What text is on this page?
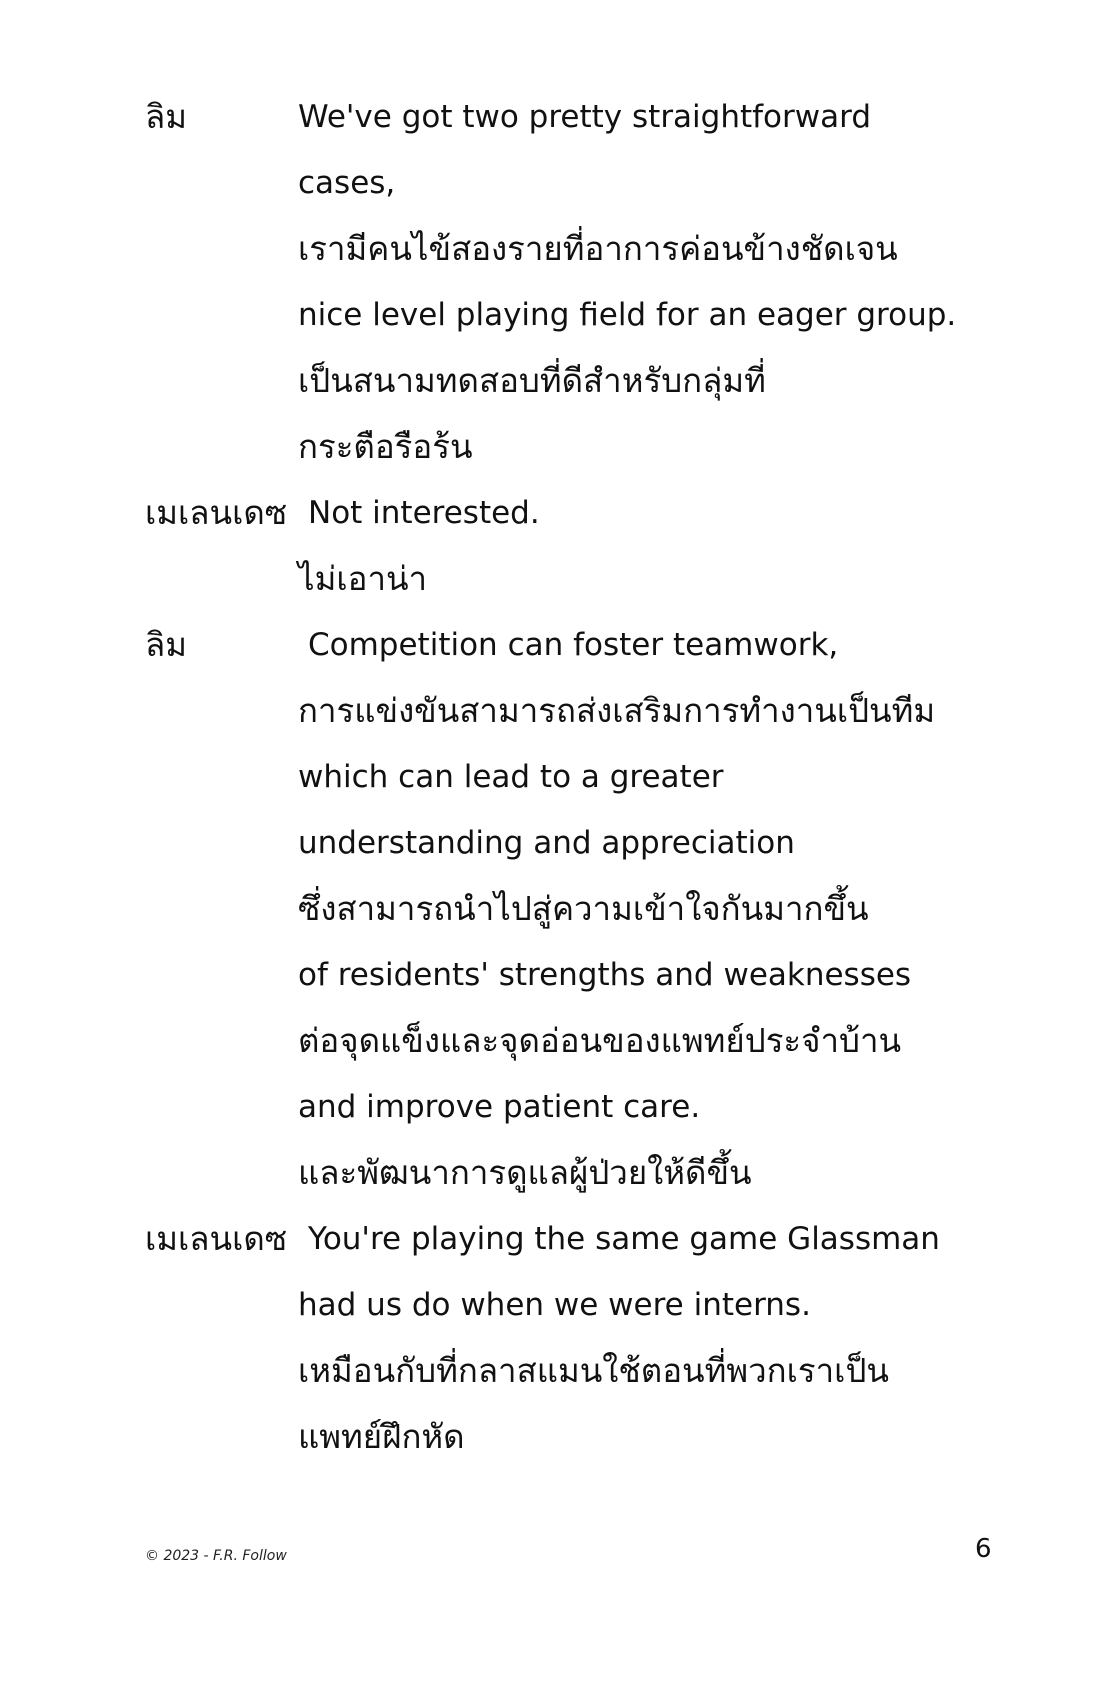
ลิม	We've got two pretty straightforward
cases,
เรามีคนไข้สองรายที่อาการค่อนข้างชัดเจน
nice level playing field for an eager group.
เป็นสนามทดสอบที่ดีสำหรับกลุ่มที่
กระตือรือร้น
เมเลนเดซ Not interested.
ไม่เอาน่า
ลิม	Competition can foster teamwork,
การแข่งขันสามารถส่งเสริมการทำงานเป็นทีม
which can lead to a greater
understanding and appreciation
ซึ่งสามารถนำไปสู่ความเข้าใจกันมากขึ้น
of residents' strengths and weaknesses
ต่อจุดแข็งและจุดอ่อนของแพทย์ประจำบ้าน
and improve patient care.
และพัฒนาการดูแลผู้ป่วยให้ดีขึ้น
เมเลนเดซ You're playing the same game Glassman
had us do when we were interns.
เหมือนกับที่กลาสแมนใช้ตอนที่พวกเราเป็น
แพทย์ฝึกหัด
© 2023 - F.R. Follow	6
